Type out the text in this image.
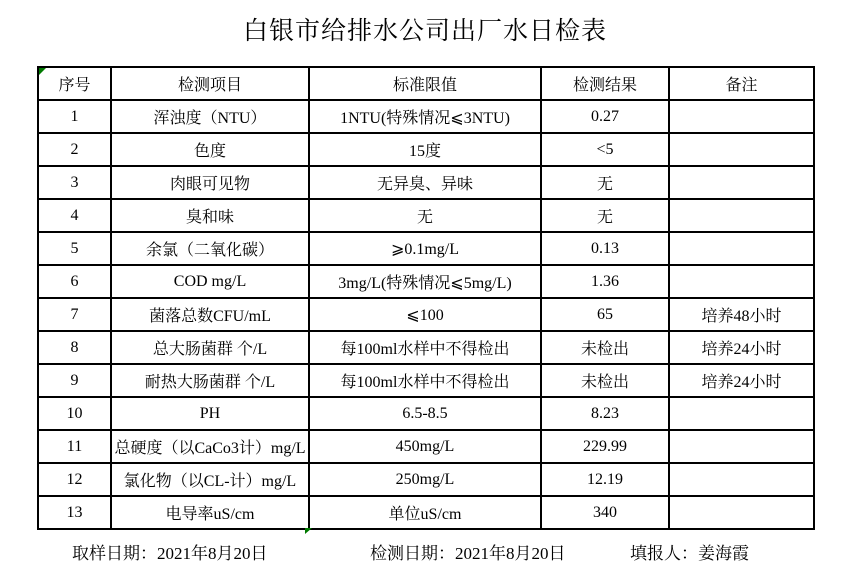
白银市给排水公司出厂水日检表
序号	检测项目	标准限值	检测结果	备注
1	浑浊度（NTU）	1NTU(特殊情况⩽3NTU)	0.27	
2	色度	15度	<5	
3	肉眼可见物	无异臭、异味	无	
4	臭和味	无	无	
5	余氯（二氧化碳）	⩾0.1mg/L	0.13	
6	COD mg/L	3mg/L(特殊情况⩽5mg/L)	1.36	
7	菌落总数CFU/mL	⩽100	65	培养48小时
8	总大肠菌群 个/L	每100ml水样中不得检出	未检出	培养24小时
9	耐热大肠菌群 个/L	每100ml水样中不得检出	未检出	培养24小时
10	PH	6.5-8.5	8.23	
11	总硬度（以CaCo3计）mg/L	450mg/L	229.99	
12	氯化物（以CL-计）mg/L	250mg/L	12.19	
13	电导率uS/cm	单位uS/cm	340	
取样日期：2021年8月20日	检测日期：2021年8月20日	填报人：姜海霞
